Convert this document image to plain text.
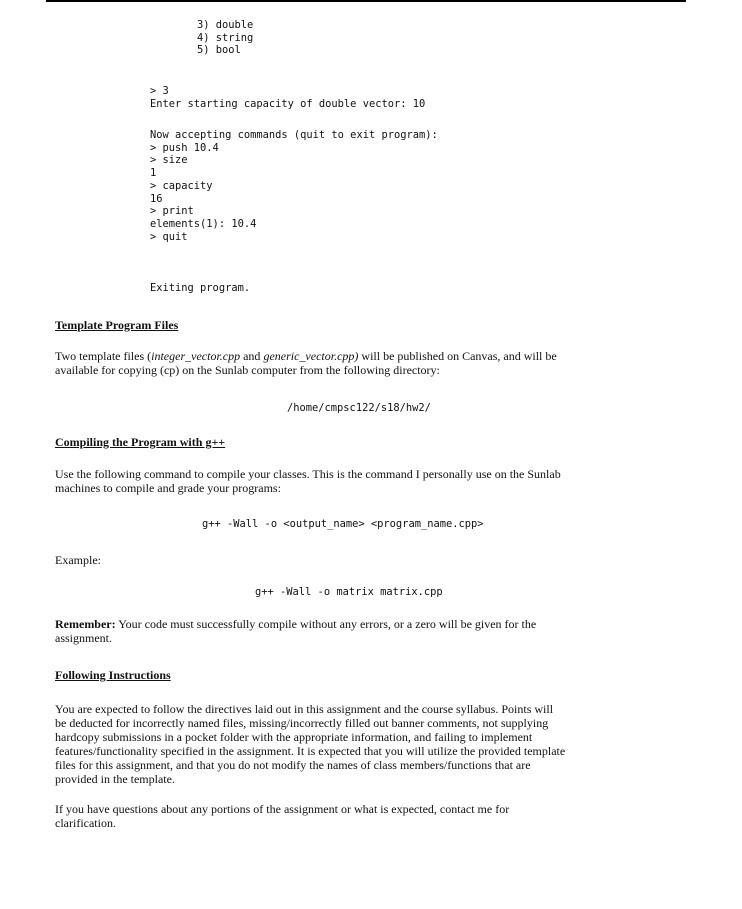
3) double
4) string
5) bool
> 3
Enter starting capacity of double vector: 10
Now accepting commands (quit to exit program):
> push 10.4
> size
1
> capacity
16
> print
elements(1): 10.4
> quit
Exiting program.
Template Program Files
Two template files (integer_vector.cpp and generic_vector.cpp) will be published on Canvas, and will be
available for copying (cp) on the Sunlab computer from the following directory:
/home/cmpsc122/s18/hw2/
Compiling the Program with g++
Use the following command to compile your classes. This is the command I personally use on the Sunlab
machines to compile and grade your programs:
g++ -Wall -o <output_name> <program_name.cpp>
Example:
g++ -Wall -o matrix matrix.cpp
Remember: Your code must successfully compile without any errors, or a zero will be given for the
assignment.
Following Instructions
You are expected to follow the directives laid out in this assignment and the course syllabus. Points will
be deducted for incorrectly named files, missing/incorrectly filled out banner comments, not supplying
hardcopy submissions in a pocket folder with the appropriate information, and failing to implement
features/functionality specified in the assignment. It is expected that you will utilize the provided template
files for this assignment, and that you do not modify the names of class members/functions that are
provided in the template.
If you have questions about any portions of the assignment or what is expected, contact me for
clarification.
